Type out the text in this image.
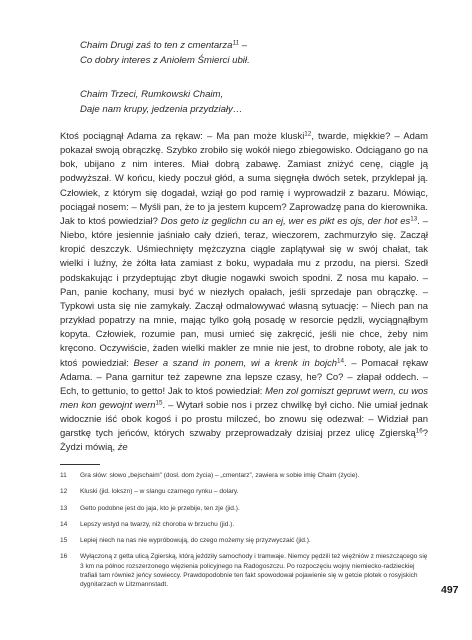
Chaim Drugi zaś to ten z cmentarza$^{11}$ –
Co dobry interes z Aniołem Śmierci ubił.
Chaim Trzeci, Rumkowski Chaim,
Daje nam krupy, jedzenia przydziały…

Ktoś pociągnął Adama za rękaw: – Ma pan może kluski$^{12}$, twarde, miękkie? – Adam pokazał swoją obrączkę. Szybko zrobiło się wokół niego zbiegowisko. Odciągano go na bok, ubijano z nim interes. Miał dobrą zabawę. Zamiast zniżyć cenę, ciągle ją podwyższał. W końcu, kiedy poczuł głód, a suma sięgnęła dwóch setek, przyklepał ją. Człowiek, z którym się dogadał, wziął go pod ramię i wyprowadził z bazaru. Mówiąc, pociągał nosem: – Myśli pan, że to ja jestem kupcem? Zaprowadzę pana do kierownika. Jak to ktoś powiedział? Dos geto iz geglichn cu an ej, wer es pikt es ojs, der hot $es^{13}$. – Niebo, które jesiennie jaśniało cały dzień, teraz, wieczorem, zachmurzyło się. Zaczął kropić deszczyk. Uśmiechnięty mężczyzna ciągle zaplątywał się w swój chałat, tak wielki i luźny, że żółta łata zamiast z boku, wypadała mu z przodu, na piersi. Szedł podskakując i przydeptując zbyt długie nogawki swoich spodni. Z nosa mu kapało. – Pan, panie kochany, musi być w niezłych opałach, jeśli sprzedaje pan obrączkę. – Typkowi usta się nie zamykały. Zaczął odmalowywać własną sytuację: – Niech pan na przykład popatrzy na mnie, mając tylko gołą posadę w resorcie pędzli, wyciągnąłbym kopyta. Człowiek, rozumie pan, musi umieć się zakręcić, jeśli nie chce, żeby nim kręcono. Oczywiście, żaden wielki makler ze mnie nie jest, to drobne roboty, ale jak to ktoś powiedział: Beser a szand in ponem, wi a krenk in bojch$^{14}$. – Pomacał rękaw Adama. – Pana garnitur też zapewne zna lepsze czasy, he? Co? – złapał oddech. – Ech, to gettunio, to getto! Jak to ktoś powiedział: Men zol gorniszt gepruwt wern, cu wos men kon gewojnt wern$^{15}$. – Wytarł sobie nos i przez chwilkę był cicho. Nie umiał jednak widocznie iść obok kogoś i po prostu milczeć, bo znowu się odezwał: – Widział pan garstkę tych jeńców, których szwaby przeprowadzały dzisiaj przez ulicę Zgierską$^{16}$? Żydzi mówią, że

11	Gra słów: słowo „bejschaim” (dosł. dom życia) – „cmentarz”, zawiera w sobie imię Chaim (życie).
12	Kluski (jid. lokszn) – w slangu czarnego rynku – dolary.
13	Getto podobne jest do jaja, kto je przebije, ten zje (jid.).
14	Lepszy wstyd na twarzy, niż choroba w brzuchu (jid.).
15	Lepiej niech na nas nie wypróbowują, do czego możemy się przyzwyczaić (jid.).
16	Wyłączoną z getta ulicą Zgierską, którą jeździły samochody i tramwaje. Niemcy pędzili też więźniów z mieszczącego się 3 km na północ rozszerzonego więzienia policyjnego na Radogoszczu. Po rozpoczęciu wojny niemiecko-radzieckiej trafiali tam również jeńcy sowieccy. Prawdopodobnie ten fakt spowodował pojawienie się w getcie plotek o rosyjskich dygnitarzach w Litzmannstadt.	497
